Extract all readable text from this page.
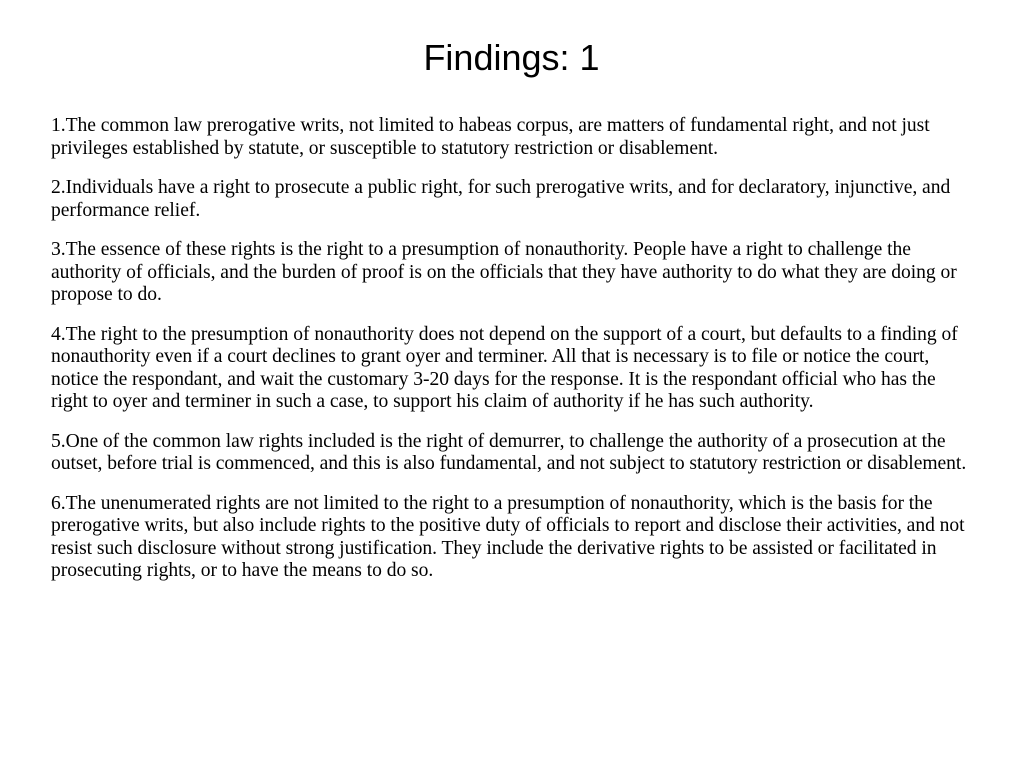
Findings: 1
1.The common law prerogative writs, not limited to habeas corpus, are matters of fundamental right, and not just privileges established by statute, or susceptible to statutory restriction or disablement.
2.Individuals have a right to prosecute a public right, for such prerogative writs, and for declaratory, injunctive, and performance relief.
3.The essence of these rights is the right to a presumption of nonauthority. People have a right to challenge the authority of officials, and the burden of proof is on the officials that they have authority to do what they are doing or propose to do.
4.The right to the presumption of nonauthority does not depend on the support of a court, but defaults to a finding of nonauthority even if a court declines to grant oyer and terminer. All that is necessary is to file or notice the court, notice the respondant, and wait the customary 3-20 days for the response. It is the respondant official who has the right to oyer and terminer in such a case, to support his claim of authority if he has such authority.
5.One of the common law rights included is the right of demurrer, to challenge the authority of a prosecution at the outset, before trial is commenced, and this is also fundamental, and not subject to statutory restriction or disablement.
6.The unenumerated rights are not limited to the right to a presumption of nonauthority, which is the basis for the prerogative writs, but also include rights to the positive duty of officials to report and disclose their activities, and not resist such disclosure without strong justification. They include the derivative rights to be assisted or facilitated in prosecuting rights, or to have the means to do so.
